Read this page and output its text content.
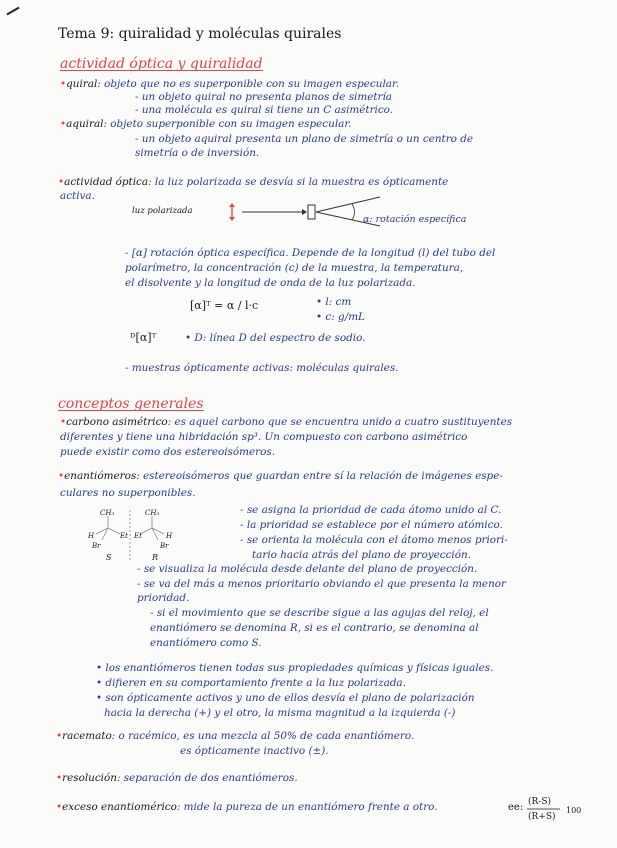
Tema 9: quiralidad y moléculas quirales
actividad óptica y quiralidad
•quiral: objeto que no es superponible con su imagen especular.
- un objeto quiral no presenta planos de simetría
- una molécula es quiral si tiene un C asimétrico.
•aquiral: objeto superponible con su imagen especular.
- un objeto aquiral presenta un plano de simetría o un centro de
simetría o de inversión.
•actividad óptica: la luz polarizada se desvía si la muestra es ópticamente
activa.
luz polarizada
α: rotación específica
- [α] rotación óptica específica. Depende de la longitud (l) del tubo del
polarímetro, la concentración (c) de la muestra, la temperatura,
el disolvente y la longitud de onda de la luz polarizada.
[α]ᵀ = α / l·c	• l: cm
• c: g/mL
ᴰ[α]ᵀ	• D: línea D del espectro de sodio.
- muestras ópticamente activas: moléculas quirales.
conceptos generales
•carbono asimétrico: es aquel carbono que se encuentra unido a cuatro sustituyentes
diferentes y tiene una hibridación sp³. Un compuesto con carbono asimétrico
puede existir como dos estereoisómeros.
•enantiómeros: estereoisómeros que guardan entre sí la relación de imágenes espe-
culares no superponibles.
CH₃
H	Et
Br
S
CH₃
H
Et
Br
R
- se asigna la prioridad de cada átomo unido al C.
- la prioridad se establece por el número atómico.
- se orienta la molécula con el átomo menos priori-
tario hacia atrás del plano de proyección.
- se visualiza la molécula desde delante del plano de proyección.
- se va del más a menos prioritario obviando el que presenta la menor
prioridad.
- si el movimiento que se describe sigue a las agujas del reloj, el
enantiómero se denomina R, si es el contrario, se denomina al
enantiómero como S.
• los enantiómeros tienen todas sus propiedades químicas y físicas iguales.
• difieren en su comportamiento frente a la luz polarizada.
• son ópticamente activos y uno de ellos desvía el plano de polarización
hacia la derecha (+) y el otro, la misma magnitud a la izquierda (-)
•racemato: o racémico, es una mezcla al 50% de cada enantiómero.
es ópticamente inactivo (±).
•resolución: separación de dos enantiómeros.
•exceso enantiomérico: mide la pureza de un enantiómero frente a otro.	ee: (R-S)
(R+S)
100
